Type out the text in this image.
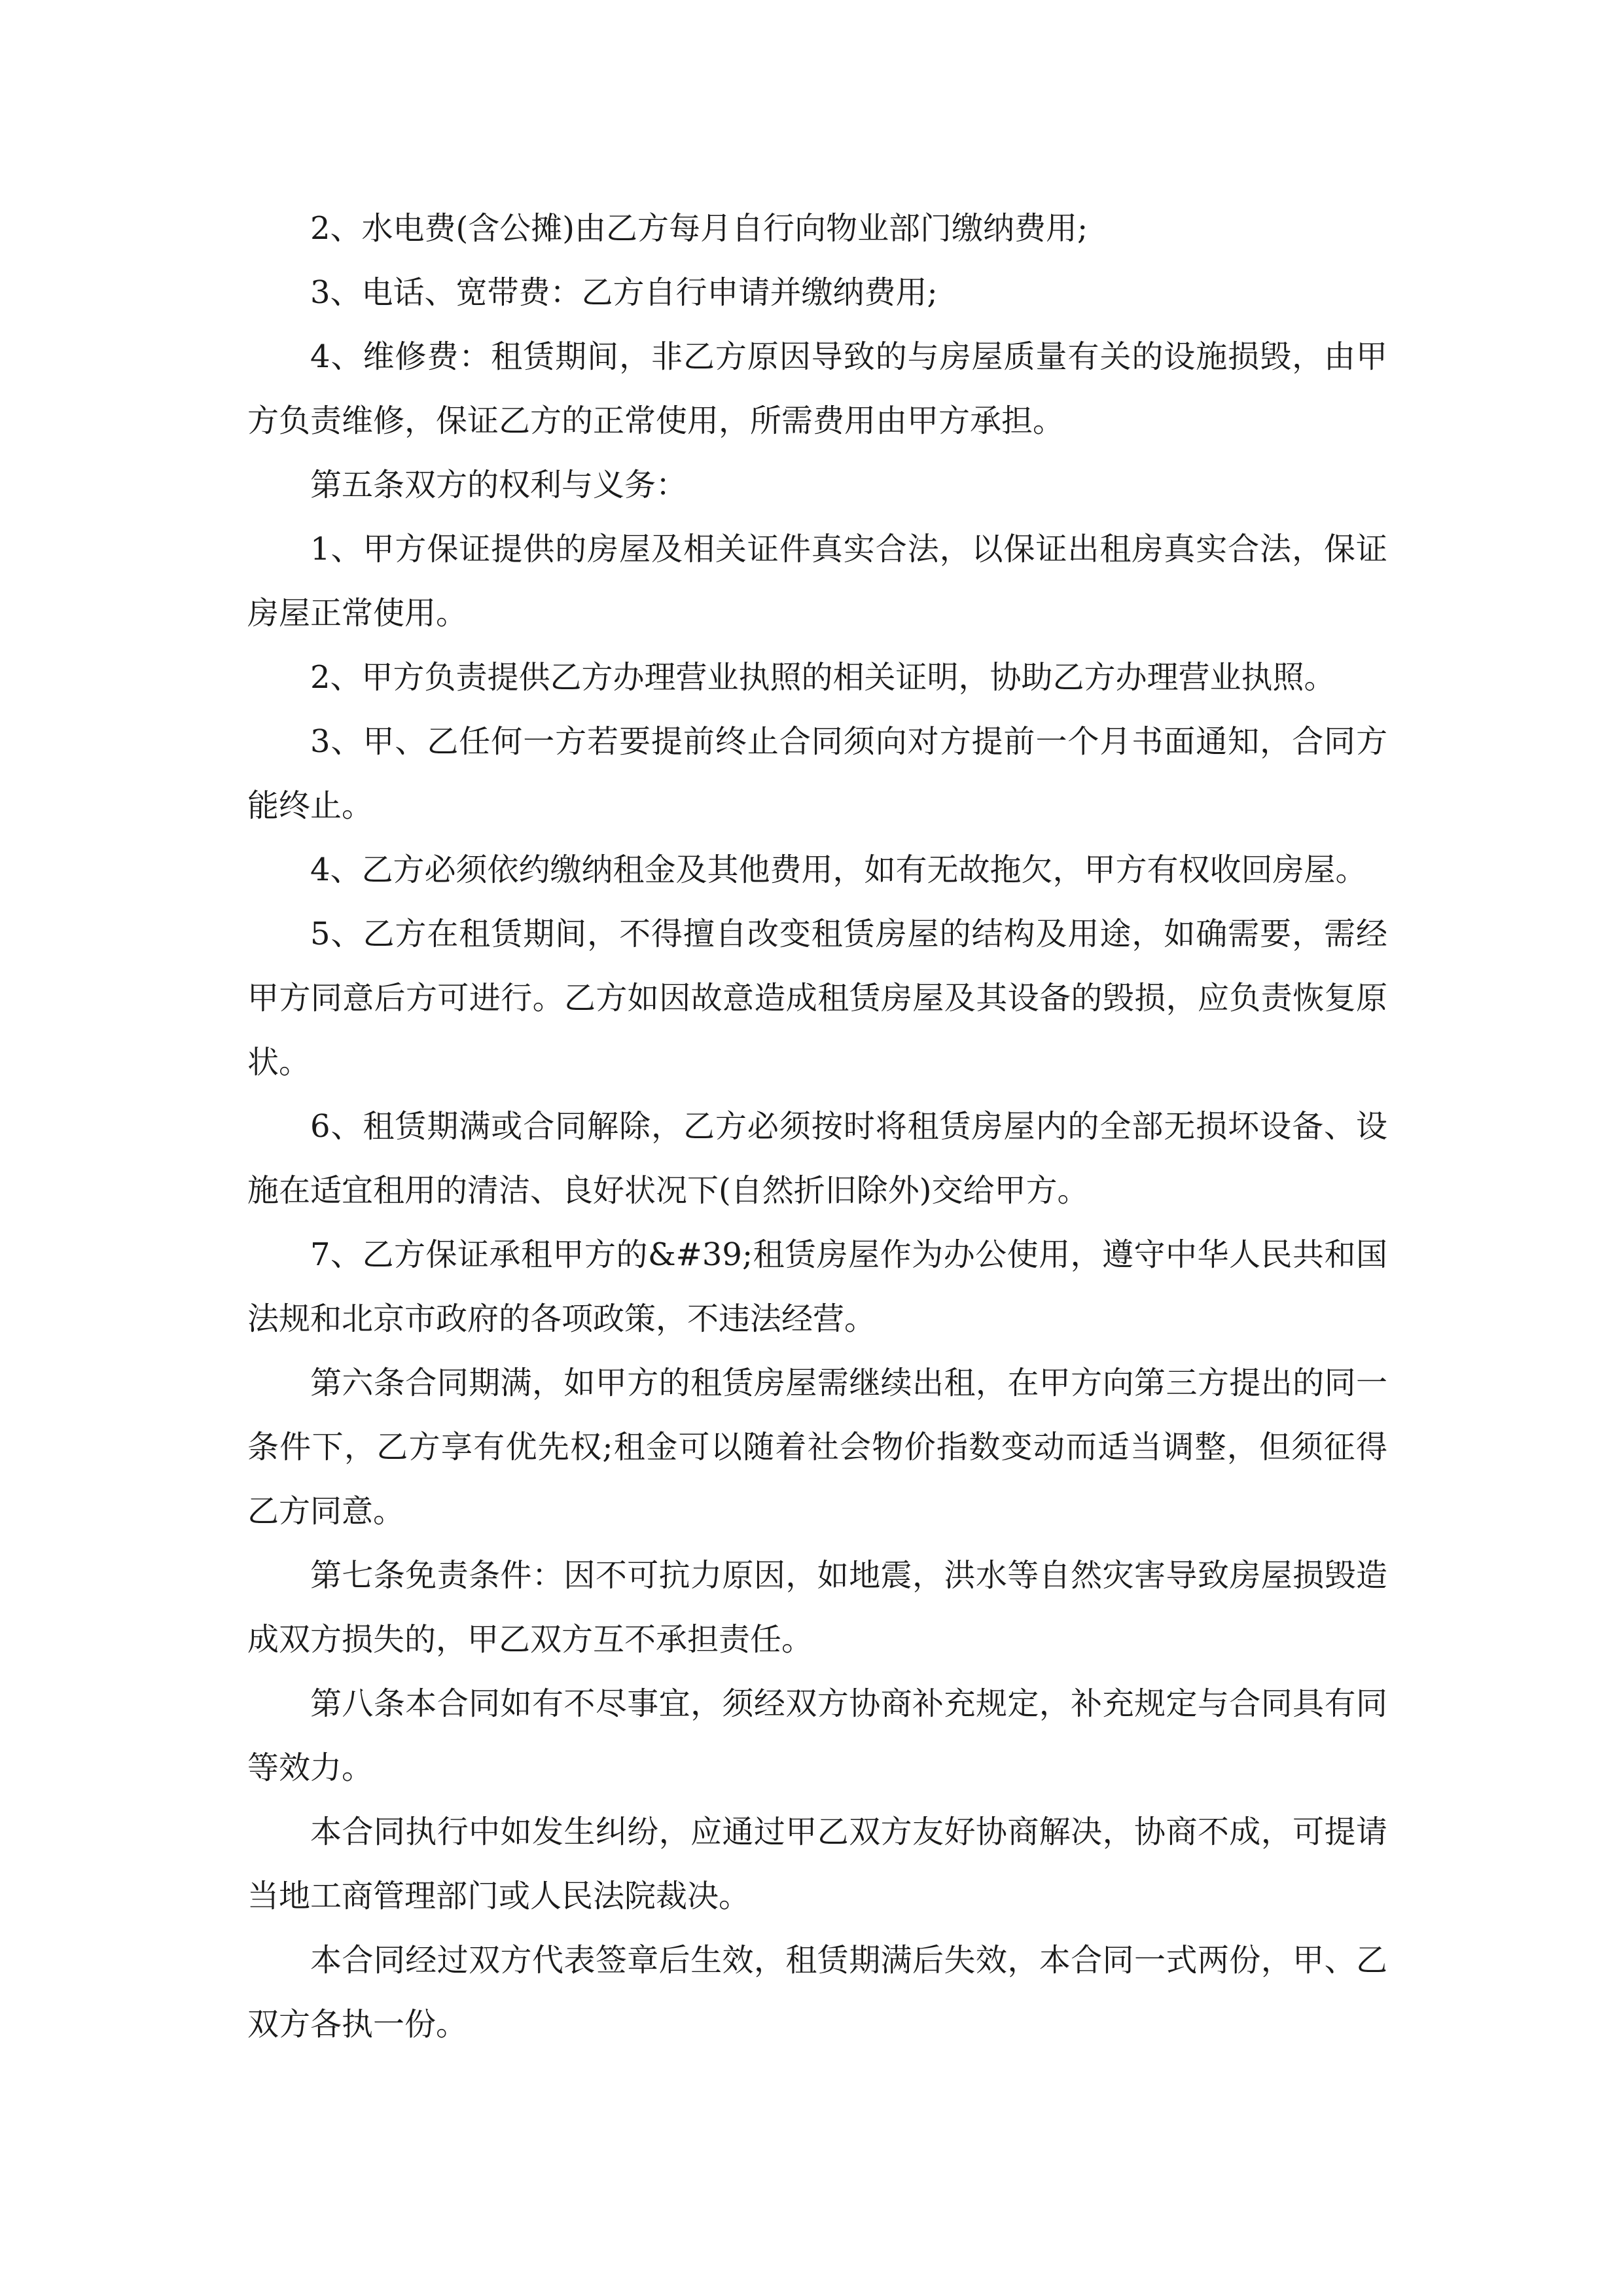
2、水电费(含公摊)由乙方每月自行向物业部门缴纳费用;

3、电话、宽带费：乙方自行申请并缴纳费用;

4、维修费：租赁期间，非乙方原因导致的与房屋质量有关的设施损毁，由甲方负责维修，保证乙方的正常使用，所需费用由甲方承担。

第五条双方的权利与义务：

1、甲方保证提供的房屋及相关证件真实合法，以保证出租房真实合法，保证房屋正常使用。

2、甲方负责提供乙方办理营业执照的相关证明，协助乙方办理营业执照。

3、甲、乙任何一方若要提前终止合同须向对方提前一个月书面通知，合同方能终止。

4、乙方必须依约缴纳租金及其他费用，如有无故拖欠，甲方有权收回房屋。

5、乙方在租赁期间，不得擅自改变租赁房屋的结构及用途，如确需要，需经甲方同意后方可进行。乙方如因故意造成租赁房屋及其设备的毁损，应负责恢复原状。

6、租赁期满或合同解除，乙方必须按时将租赁房屋内的全部无损坏设备、设施在适宜租用的清洁、良好状况下(自然折旧除外)交给甲方。

7、乙方保证承租甲方的&#39;租赁房屋作为办公使用，遵守中华人民共和国法规和北京市政府的各项政策，不违法经营。

第六条合同期满，如甲方的租赁房屋需继续出租，在甲方向第三方提出的同一条件下，乙方享有优先权;租金可以随着社会物价指数变动而适当调整，但须征得乙方同意。

第七条免责条件：因不可抗力原因，如地震，洪水等自然灾害导致房屋损毁造成双方损失的，甲乙双方互不承担责任。

第八条本合同如有不尽事宜，须经双方协商补充规定，补充规定与合同具有同等效力。

本合同执行中如发生纠纷，应通过甲乙双方友好协商解决，协商不成，可提请当地工商管理部门或人民法院裁决。

本合同经过双方代表签章后生效，租赁期满后失效，本合同一式两份，甲、乙双方各执一份。
